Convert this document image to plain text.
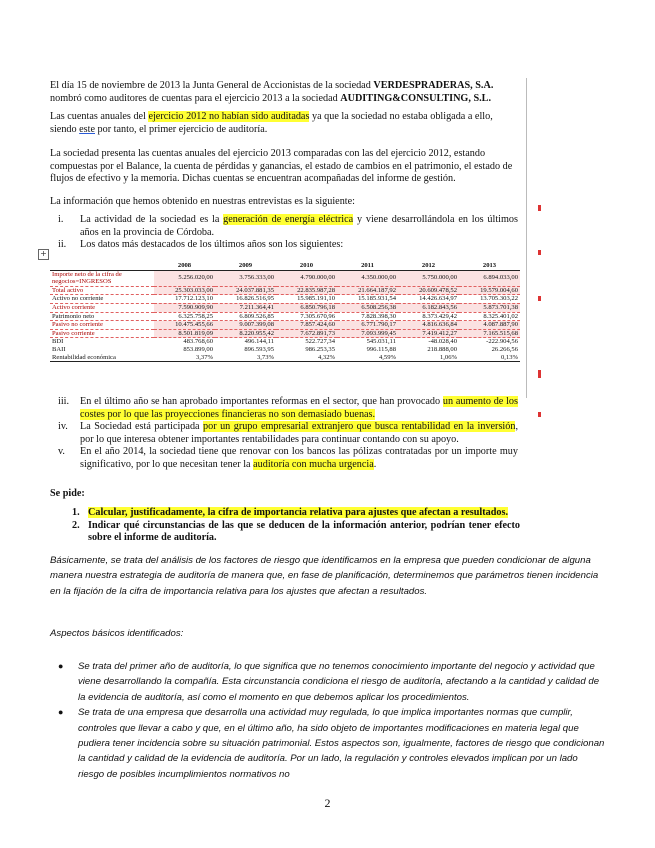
El día 15 de noviembre de 2013 la Junta General de Accionistas de la sociedad VERDESPRADERAS, S.A. nombró como auditores de cuentas para el ejercicio 2013 a la sociedad AUDITING&CONSULTING, S.L.
Las cuentas anuales del ejercicio 2012 no habían sido auditadas ya que la sociedad no estaba obligada a ello, siendo este por tanto, el primer ejercicio de auditoría.
La sociedad presenta las cuentas anuales del ejercicio 2013 comparadas con las del ejercicio 2012, estando compuestas por el Balance, la cuenta de pérdidas y ganancias, el estado de cambios en el patrimonio, el estado de flujos de efectivo y la memoria. Dichas cuentas se encuentran acompañadas del informe de gestión.
La información que hemos obtenido en nuestras entrevistas es la siguiente:
i.	La actividad de la sociedad es la generación de energía eléctrica y viene desarrollándola en los últimos años en la provincia de Córdoba.
ii.	Los datos más destacados de los últimos años son los siguientes:
+
	2008	2009	2010	2011	2012	2013
Importe neto de la cifra de negocios=INGRESOS	5.256.020,00	3.756.333,00	4.790.000,00	4.350.000,00	5.750.000,00	6.894.033,00
Total activo	25.303.033,00	24.037.881,35	22.835.987,28	21.664.187,92	20.609.478,52	19.579.004,60
Activo no corriente	17.712.123,10	16.826.516,95	15.985.191,10	15.185.931,54	14.426.634,97	13.705.303,22
Activo corriente	7.590.909,90	7.211.364,41	6.850.796,18	6.508.256,38	6.182.843,56	5.873.701,38
Patrimonio neto	6.325.758,25	6.809.526,85	7.305.670,96	7.828.398,30	8.373.429,42	8.325.401,02
Pasivo no corriente	10.475.455,66	9.007.399,08	7.857.424,60	6.771.790,17	4.816.636,84	4.087.887,90
Pasivo corriente	8.501.819,09	8.220.955,42	7.672.891,73	7.093.999,45	7.419.412,27	7.165.515,68
BDI	483.768,60	496.144,11	522.727,34	545.031,11	-48.028,40	-222.904,56
BAII	853.899,00	896.593,95	986.253,35	996.115,88	218.888,00	26.266,56
Rentabilidad económica	3,37%	3,73%	4,32%	4,59%	1,06%	0,13%
iii.	En el último año se han aprobado importantes reformas en el sector, que han provocado un aumento de los costes por lo que las proyecciones financieras no son demasiado buenas.
iv.	La Sociedad está participada por un grupo empresarial extranjero que busca rentabilidad en la inversión, por lo que interesa obtener importantes rentabilidades para continuar contando con su apoyo.
v.	En el año 2014, la sociedad tiene que renovar con los bancos las pólizas contratadas por un importe muy significativo, por lo que necesitan tener la auditoría con mucha urgencia.
Se pide:
1. Calcular, justificadamente, la cifra de importancia relativa para ajustes que afectan a resultados.
2. Indicar qué circunstancias de las que se deducen de la información anterior, podrían tener efecto sobre el informe de auditoría.
Básicamente, se trata del análisis de los factores de riesgo que identificamos en la empresa que pueden condicionar de alguna manera nuestra estrategia de auditoría de manera que, en fase de planificación, determinemos que parámetros tienen incidencia en la fijación de la cifra de importancia relativa para los ajustes que afectan a resultados.
Aspectos básicos identificados:
●	Se trata del primer año de auditoría, lo que significa que no tenemos conocimiento importante del negocio y actividad que viene desarrollando la compañía. Esta circunstancia condiciona el riesgo de auditoría, afectando a la cantidad y calidad de la evidencia de auditoría, así como el momento en que debemos aplicar los procedimientos.
●	Se trata de una empresa que desarrolla una actividad muy regulada, lo que implica importantes normas que cumplir, controles que llevar a cabo y que, en el último año, ha sido objeto de importantes modificaciones en materia legal que pudiera tener incidencia sobre su situación patrimonial. Estos aspectos son, igualmente, factores de riesgo que condicionan la cantidad y calidad de la evidencia de auditoría. Por un lado, la regulación y controles elevados implican por un lado riesgo de posibles incumplimientos normativos no
2
